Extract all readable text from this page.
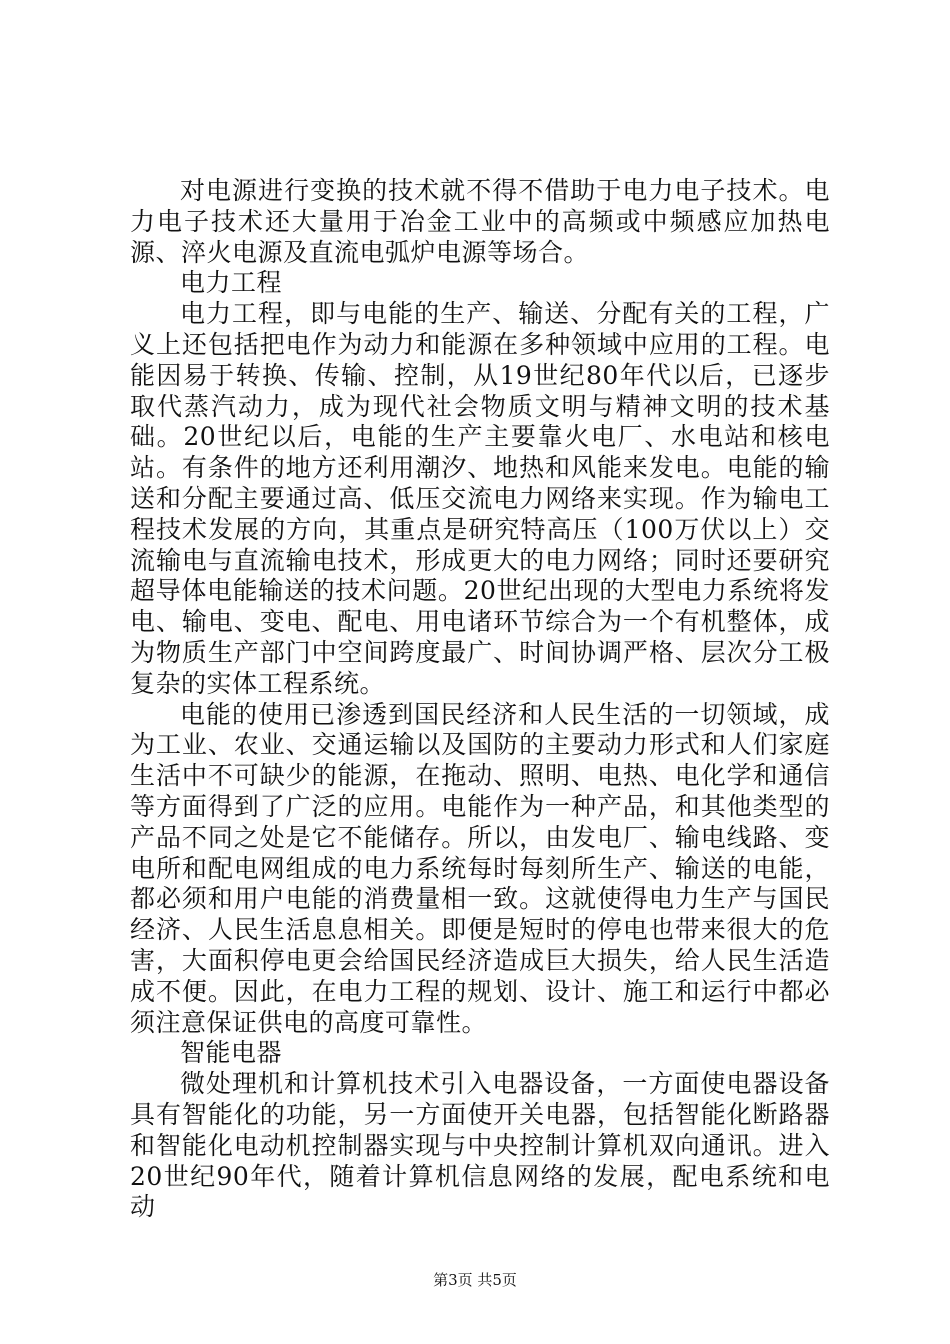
对电源进行变换的技术就不得不借助于电力电子技术。电力电子技术还大量用于冶金工业中的高频或中频感应加热电源、淬火电源及直流电弧炉电源等场合。

电力工程

电力工程，即与电能的生产、输送、分配有关的工程，广义上还包括把电作为动力和能源在多种领域中应用的工程。电能因易于转换、传输、控制，从19世纪80年代以后，已逐步取代蒸汽动力，成为现代社会物质文明与精神文明的技术基础。20世纪以后，电能的生产主要靠火电厂、水电站和核电站。有条件的地方还利用潮汐、地热和风能来发电。电能的输送和分配主要通过高、低压交流电力网络来实现。作为输电工程技术发展的方向，其重点是研究特高压（100万伏以上）交流输电与直流输电技术，形成更大的电力网络；同时还要研究超导体电能输送的技术问题。20世纪出现的大型电力系统将发电、输电、变电、配电、用电诸环节综合为一个有机整体，成为物质生产部门中空间跨度最广、时间协调严格、层次分工极复杂的实体工程系统。

电能的使用已渗透到国民经济和人民生活的一切领域，成为工业、农业、交通运输以及国防的主要动力形式和人们家庭生活中不可缺少的能源，在拖动、照明、电热、电化学和通信等方面得到了广泛的应用。电能作为一种产品，和其他类型的产品不同之处是它不能储存。所以，由发电厂、输电线路、变电所和配电网组成的电力系统每时每刻所生产、输送的电能，都必须和用户电能的消费量相一致。这就使得电力生产与国民经济、人民生活息息相关。即便是短时的停电也带来很大的危害，大面积停电更会给国民经济造成巨大损失，给人民生活造成不便。因此，在电力工程的规划、设计、施工和运行中都必须注意保证供电的高度可靠性。

智能电器

微处理机和计算机技术引入电器设备，一方面使电器设备具有智能化的功能，另一方面使开关电器，包括智能化断路器和智能化电动机控制器实现与中央控制计算机双向通讯。进入20世纪90年代，随着计算机信息网络的发展，配电系统和电动

第3页 共5页
